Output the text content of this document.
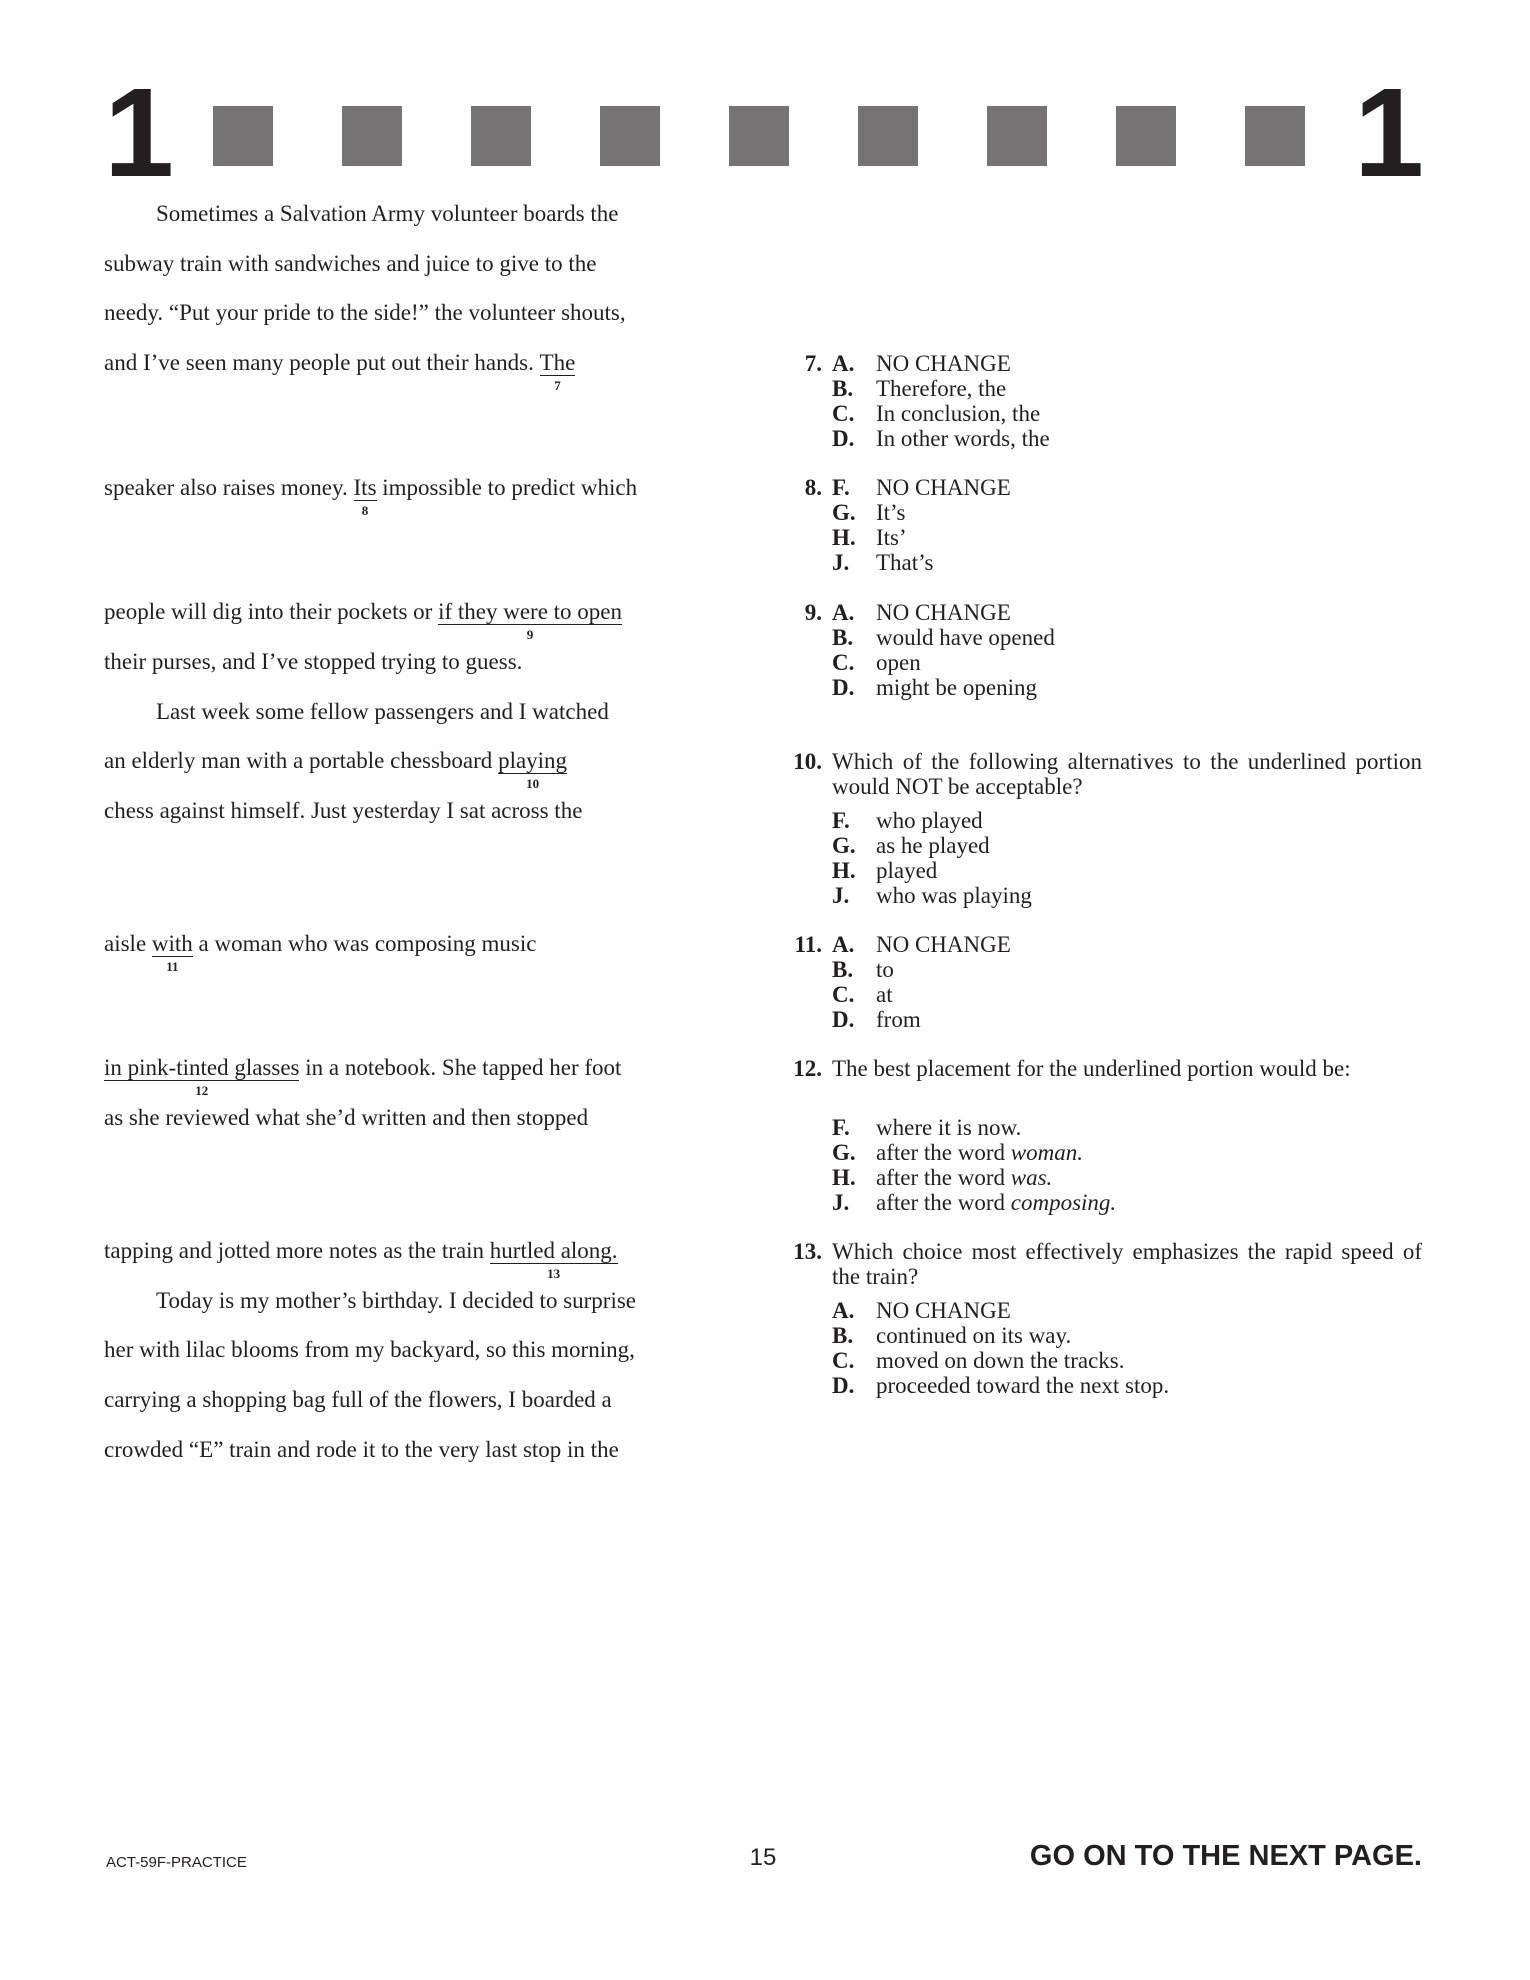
1	1
Sometimes a Salvation Army volunteer boards the
subway train with sandwiches and juice to give to the
needy. “Put your pride to the side!” the volunteer shouts,
and I’ve seen many people put out their hands. The
7
speaker also raises money. Its
8
impossible to predict which
people will dig into their pockets or if they were to open
9
their purses, and I’ve stopped trying to guess.
Last week some fellow passengers and I watched
an elderly man with a portable chessboard playing
10
chess against himself. Just yesterday I sat across the
aisle with
11
a woman who was composing music
in pink-tinted glasses
12
in a notebook. She tapped her foot
as she reviewed what she’d written and then stopped
tapping and jotted more notes as the train hurtled along.
13
Today is my mother’s birthday. I decided to surprise
her with lilac blooms from my backyard, so this morning,
carrying a shopping bag full of the flowers, I boarded a
crowded “E” train and rode it to the very last stop in the
7. A. NO CHANGE
B. Therefore, the
C. In conclusion, the
D. In other words, the
8. F. NO CHANGE
G. It’s
H. Its’
J. That’s
9. A. NO CHANGE
B. would have opened
C. open
D. might be opening
10. Which of the following alternatives to the underlined portion would NOT be acceptable?
F. who played
G. as he played
H. played
J. who was playing
11. A. NO CHANGE
B. to
C. at
D. from
12. The best placement for the underlined portion would be:
F. where it is now.
G. after the word woman.
H. after the word was.
J. after the word composing.
13. Which choice most effectively emphasizes the rapid speed of the train?
A. NO CHANGE
B. continued on its way.
C. moved on down the tracks.
D. proceeded toward the next stop.
ACT-59F-PRACTICE	15	GO ON TO THE NEXT PAGE.
